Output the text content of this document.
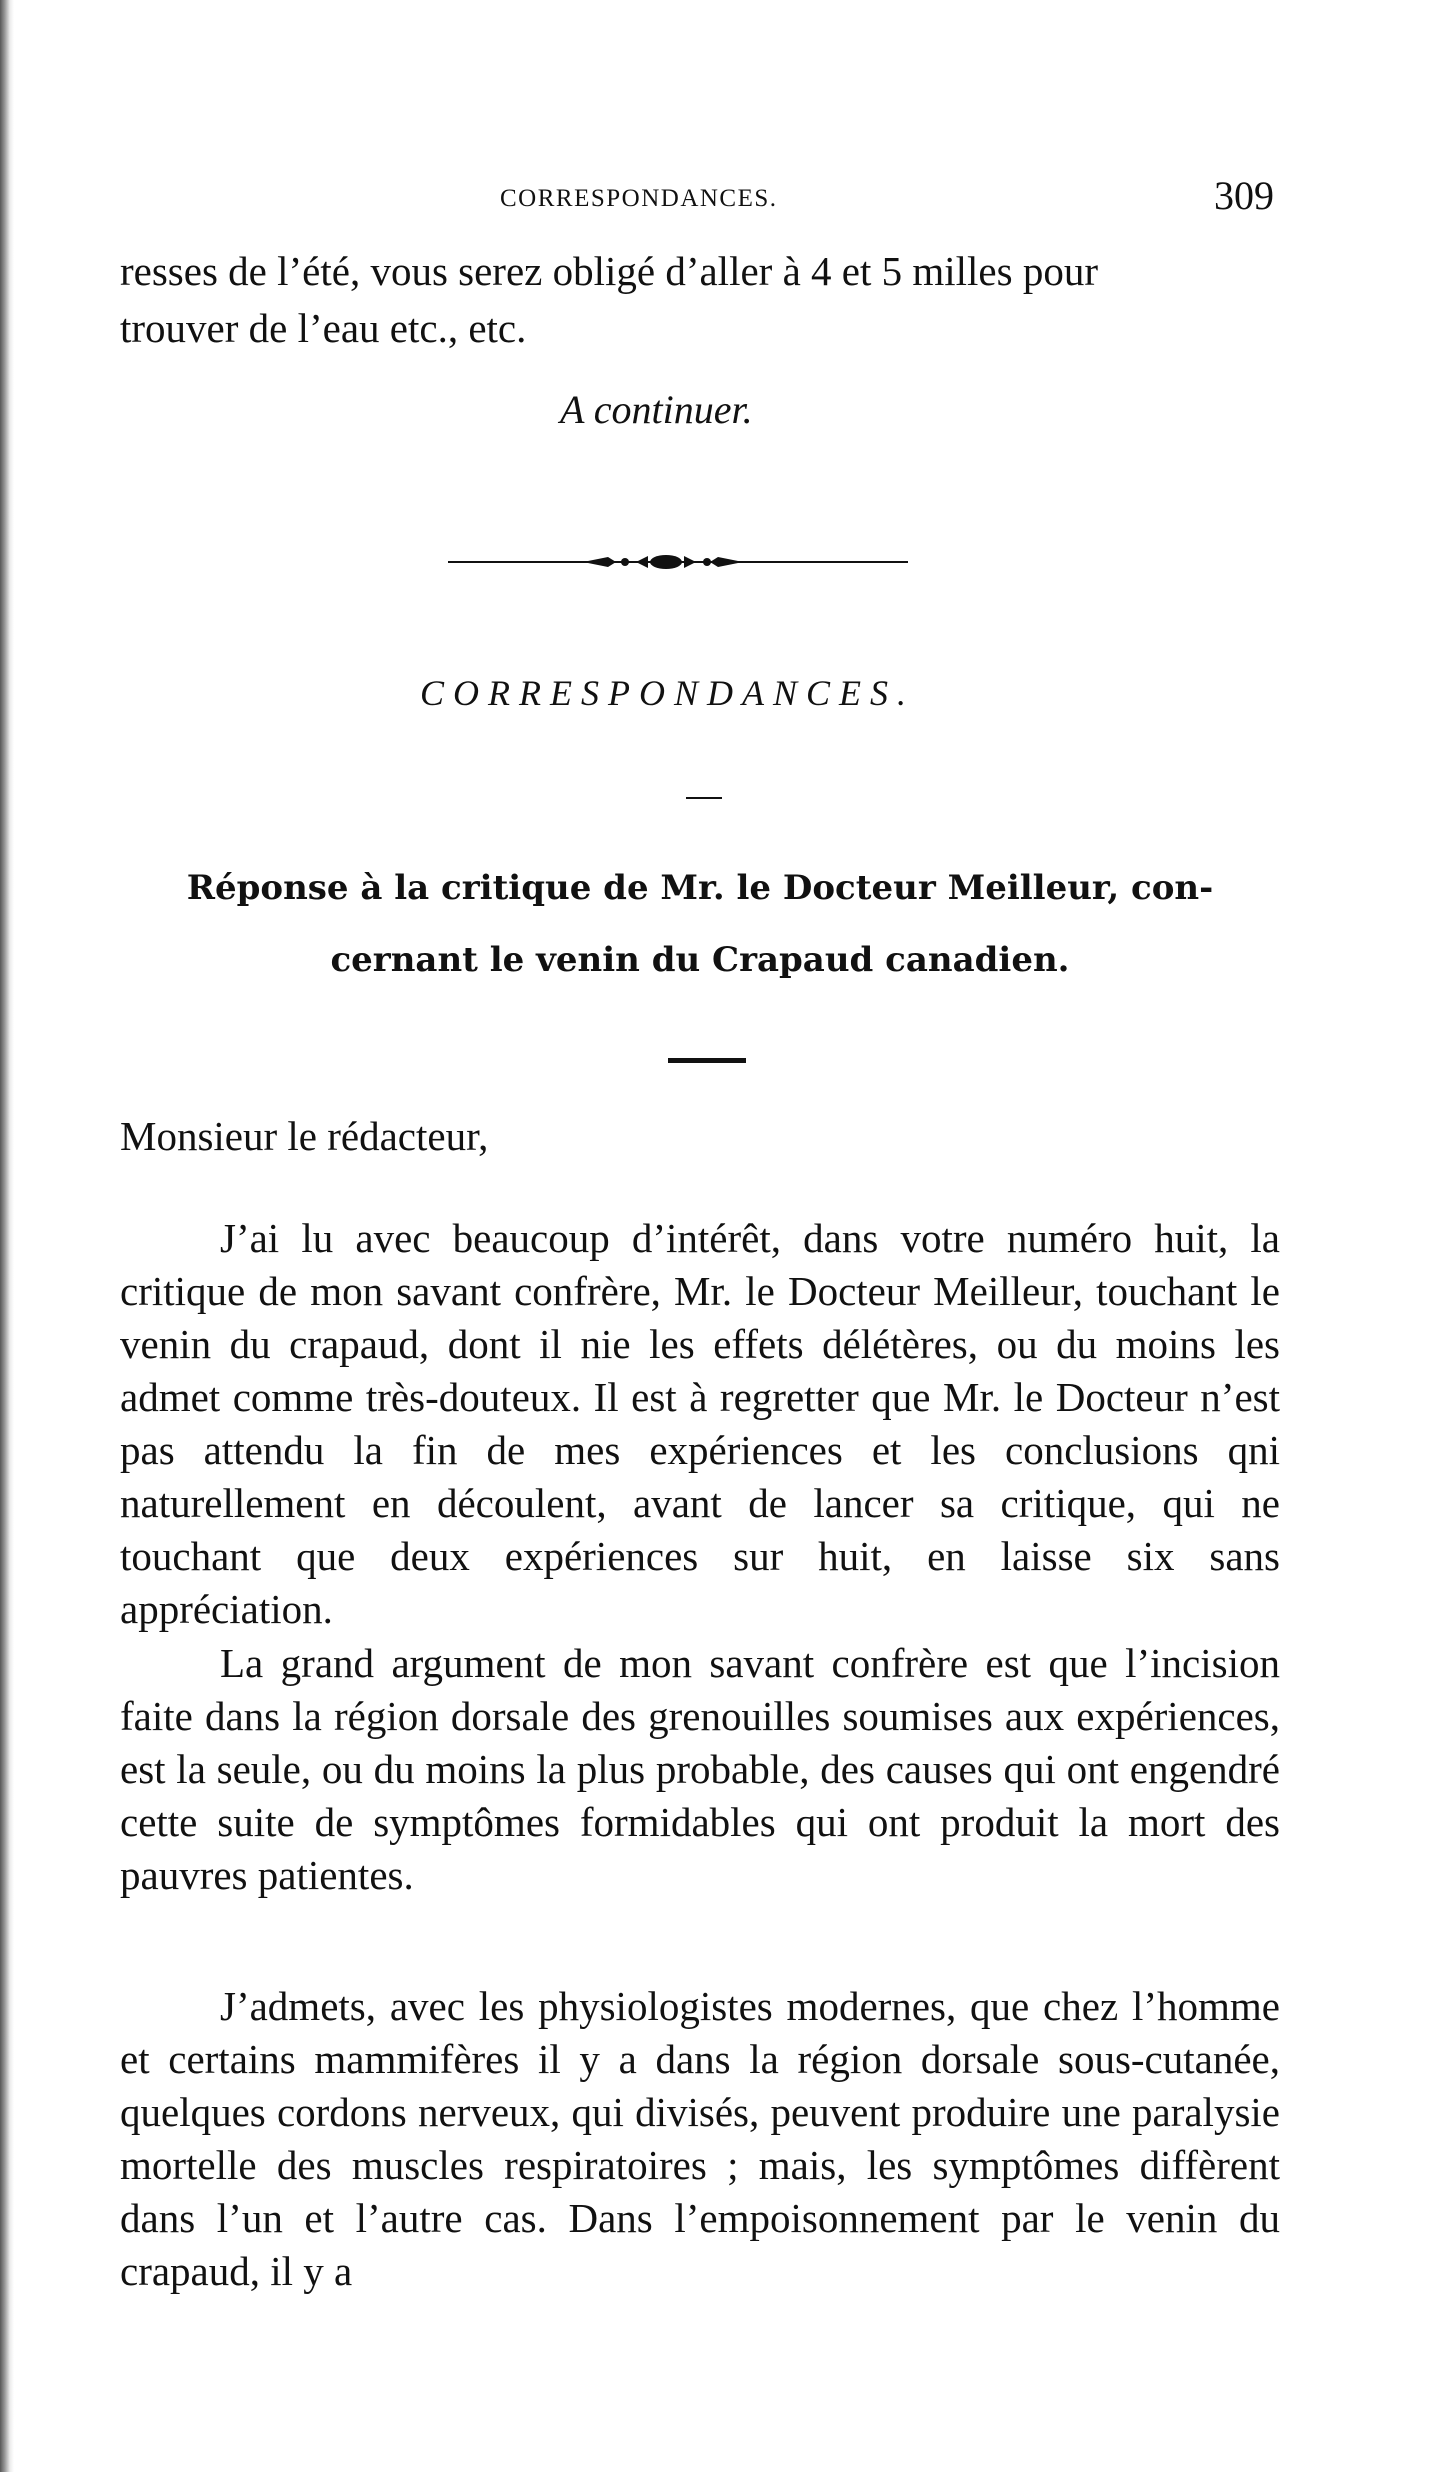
CORRESPONDANCES.	309

resses de l’été, vous serez obligé d’aller à 4 et 5 milles pour

trouver de l’eau etc., etc.

A continuer.
CORRESPONDANCES.
Réponse à la critique de Mr. le Docteur Meilleur, con-
cernant le venin du Crapaud canadien.

Monsieur le rédacteur,

J’ai lu avec beaucoup d’intérêt, dans votre numéro huit, la critique de mon savant confrère, Mr. le Docteur Meilleur, touchant le venin du crapaud, dont il nie les effets délétères, ou du moins les admet comme très-douteux. Il est à regretter que Mr. le Docteur n’est pas attendu la fin de mes expériences et les conclusions qni naturellement en découlent, avant de lancer sa critique, qui ne touchant que deux expériences sur huit, en laisse six sans appréciation.

La grand argument de mon savant confrère est que l’incision faite dans la région dorsale des grenouilles soumises aux expériences, est la seule, ou du moins la plus probable, des causes qui ont engendré cette suite de symptômes formidables qui ont produit la mort des pauvres patientes.

J’admets, avec les physiologistes modernes, que chez l’homme et certains mammifères il y a dans la région dorsale sous-cutanée, quelques cordons nerveux, qui divisés, peuvent produire une paralysie mortelle des muscles respiratoires ; mais, les symptômes diffèrent dans l’un et l’autre cas. Dans l’empoisonnement par le venin du crapaud, il y a
